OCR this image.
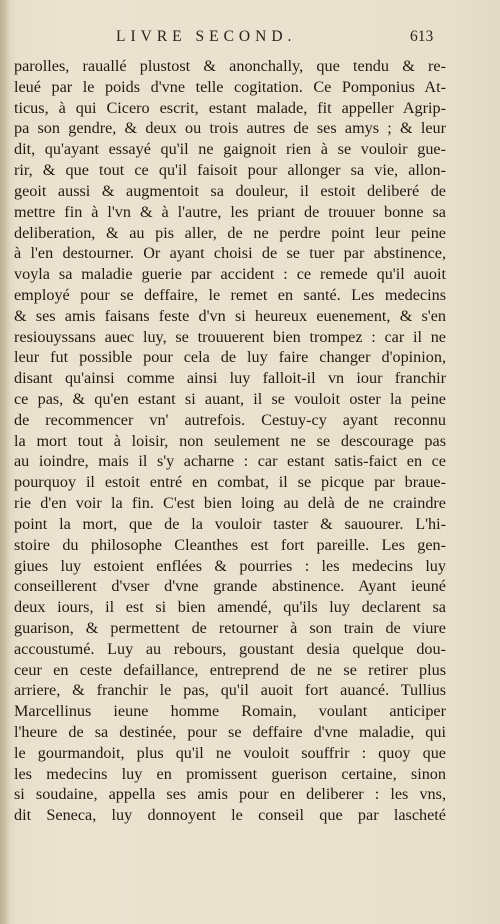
LIVRE SECOND.	613
parolles, rauallé plustost & anonchally, que tendu & re-
leué par le poids d'vne telle cogitation. Ce Pomponius At-
ticus, à qui Cicero escrit, estant malade, fit appeller Agrip-
pa son gendre, & deux ou trois autres de ses amys ; & leur
dit, qu'ayant essayé qu'il ne gaignoit rien à se vouloir gue-
rir, & que tout ce qu'il faisoit pour allonger sa vie, allon-
geoit aussi & augmentoit sa douleur, il estoit deliberé de
mettre fin à l'vn & à l'autre, les priant de trouuer bonne sa
deliberation, & au pis aller, de ne perdre point leur peine
à l'en destourner. Or ayant choisi de se tuer par abstinence,
voyla sa maladie guerie par accident : ce remede qu'il auoit
employé pour se deffaire, le remet en santé. Les medecins
& ses amis faisans feste d'vn si heureux euenement, & s'en
resiouyssans auec luy, se trouuerent bien trompez : car il ne
leur fut possible pour cela de luy faire changer d'opinion,
disant qu'ainsi comme ainsi luy falloit-il vn iour franchir
ce pas, & qu'en estant si auant, il se vouloit oster la peine
de recommencer vn' autrefois. Cestuy-cy ayant reconnu
la mort tout à loisir, non seulement ne se descourage pas
au ioindre, mais il s'y acharne : car estant satis-faict en ce
pourquoy il estoit entré en combat, il se picque par braue-
rie d'en voir la fin. C'est bien loing au delà de ne craindre
point la mort, que de la vouloir taster & sauourer. L'hi-
stoire du philosophe Cleanthes est fort pareille. Les gen-
giues luy estoient enflées & pourries : les medecins luy
conseillerent d'vser d'vne grande abstinence. Ayant ieuné
deux iours, il est si bien amendé, qu'ils luy declarent sa
guarison, & permettent de retourner à son train de viure
accoustumé. Luy au rebours, goustant desia quelque dou-
ceur en ceste defaillance, entreprend de ne se retirer plus
arriere, & franchir le pas, qu'il auoit fort auancé. Tullius
Marcellinus ieune homme Romain, voulant anticiper
l'heure de sa destinée, pour se deffaire d'vne maladie, qui
le gourmandoit, plus qu'il ne vouloit souffrir : quoy que
les medecins luy en promissent guerison certaine, sinon
si soudaine, appella ses amis pour en deliberer : les vns,
dit Seneca, luy donnoyent le conseil que par lascheté
